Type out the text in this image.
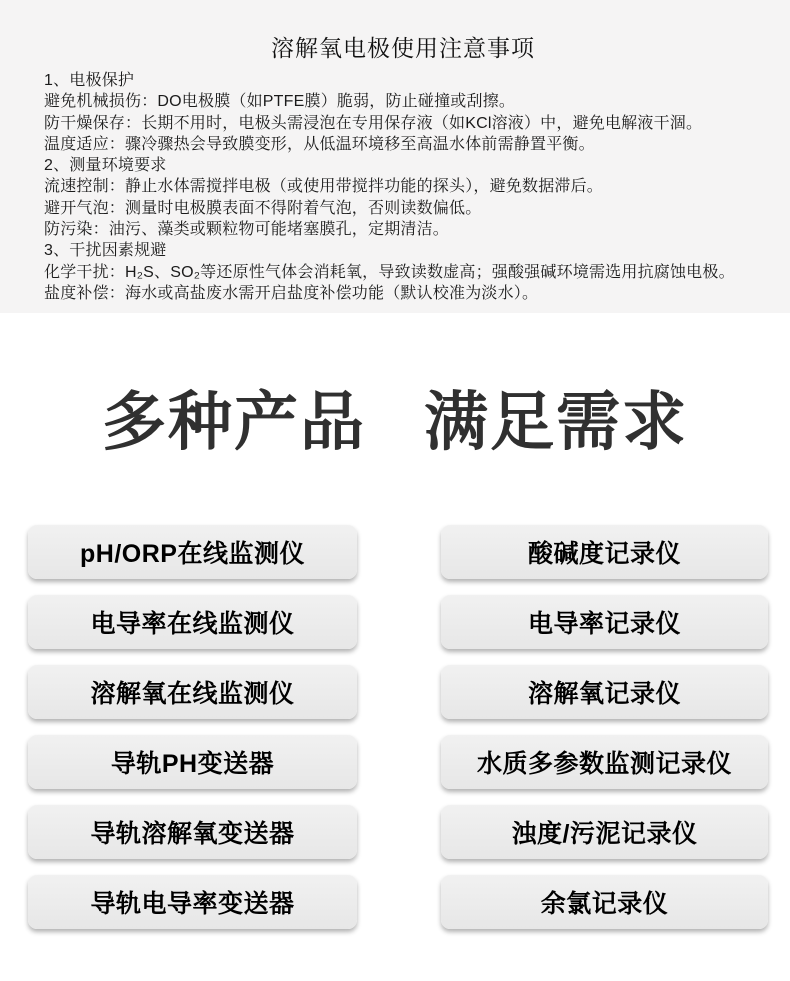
溶解氧电极使用注意事项
1、电极保护
避免机械损伤：DO电极膜（如PTFE膜）脆弱，防止碰撞或刮擦。
防干燥保存：长期不用时，电极头需浸泡在专用保存液（如KCl溶液）中，避免电解液干涸。
温度适应：骤冷骤热会导致膜变形，从低温环境移至高温水体前需静置平衡。
2、测量环境要求
流速控制：静止水体需搅拌电极（或使用带搅拌功能的探头），避免数据滞后。
避开气泡：测量时电极膜表面不得附着气泡，否则读数偏低。
防污染：油污、藻类或颗粒物可能堵塞膜孔，定期清洁。
3、干扰因素规避
化学干扰：H₂S、SO₂等还原性气体会消耗氧，导致读数虚高；强酸强碱环境需选用抗腐蚀电极。
盐度补偿：海水或高盐废水需开启盐度补偿功能（默认校准为淡水）。
多种产品 满足需求
pH/ORP在线监测仪
电导率在线监测仪
溶解氧在线监测仪
导轨PH变送器
导轨溶解氧变送器
导轨电导率变送器
酸碱度记录仪
电导率记录仪
溶解氧记录仪
水质多参数监测记录仪
浊度/污泥记录仪
余氯记录仪
